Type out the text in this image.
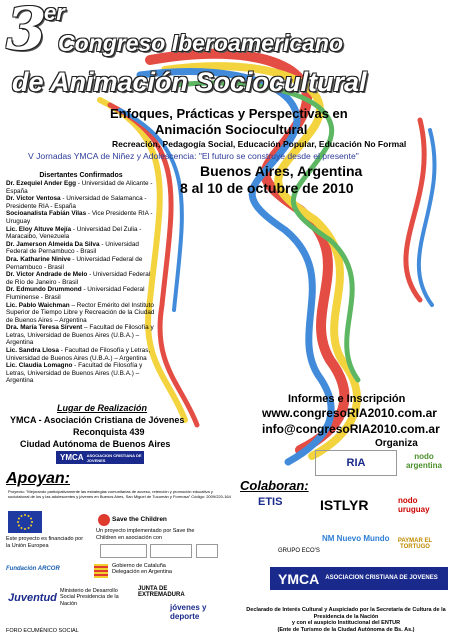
3
er
Congreso Iberoamericano
de Animación Sociocultural
Enfoques, Prácticas y Perspectivas en
Animación Sociocultural
Recreación, Pedagogía Social, Educación Popular, Educación No Formal
V Jornadas YMCA de Niñez y Adolescencia: "El futuro se construye desde el presente"
Buenos Aires, Argentina
8 al 10 de octubre de 2010
Disertantes Confirmados

Dr. Ezequiel Ander Egg - Universidad de Alicante - España

Dr. Victor Ventosa - Universidad de Salamanca - Presidente RIA - España

Socioanalista Fabián Vilas - Vice Presidente RIA - Uruguay

Lic. Eloy Altuve Mejía - Universidad Del Zulia - Maracaibo, Venezuela

Dr. Jamerson Almeida Da Silva - Universidad Federal de Pernambuco - Brasil

Dra. Katharine Ninive - Universidad Federal de Pernambuco - Brasil

Dr. Victor Andrade de Melo - Universidad Federal de Río de Janeiro - Brasil

Dr. Edmundo Drummond - Universidad Federal Fluminense - Brasil

Lic. Pablo Waichman – Rector Emérito del Instituto Superior de Tiempo Libre y Recreación de la Ciudad de Buenos Aires – Argentina

Dra. María Teresa Sirvent – Facultad de Filosofía y Letras, Universidad de Buenos Aires (U.B.A.) – Argentina

Lic. Sandra Llosa - Facultad de Filosofía y Letras, Universidad de Buenos Aires (U.B.A.) – Argentina

Lic. Claudia Lomagno - Facultad de Filosofía y Letras, Universidad de Buenos Aires (U.B.A.) – Argentina

Lugar de Realización
YMCA - Asociación Cristiana de Jóvenes
Reconquista 439
Ciudad Autónoma de Buenos Aires
YMCA ASOCIACION CRISTIANA DE JOVENES
Informes e Inscripción
www.congresoRIA2010.com.ar
info@congresoRIA2010.com.ar
Organiza
RIA
nodo argentina
Apoyan:
Proyecto: "Mejorando participativamente las estrategias comunitarias de acceso, retención y promoción educativa y sociolaboral de los y las adolescentes y jóvenes en Buenos Aires, San Miguel de Tucumán y Formosa" Código: 2009/220-164
Este proyecto es financiado por la Unión Europea
Save the Children
Un proyecto implementado por Save the Children en asociación con
Fundación ARCOR	Gobierno de Cataluña Delegación en Argentina
Juventud
Ministerio de Desarrollo Social Presidencia de la Nación
JUNTA DE EXTREMADURA
jóvenes y deporte
FORO ECUMÉNICO SOCIAL
Colaboran:
ETIS	ISTLYR	nodo uruguay
GRUPO ECO'S
NM Nuevo Mundo	PAYMAR EL TORTUGO
YMCA ASOCIACION CRISTIANA DE JOVENES
Declarado de Interés Cultural y Auspiciado por la Secretaría de Cultura de la Presidencia de la Nación
y con el auspicio Institucional del ENTUR
(Ente de Turismo de la Ciudad Autónoma de Bs. As.)
